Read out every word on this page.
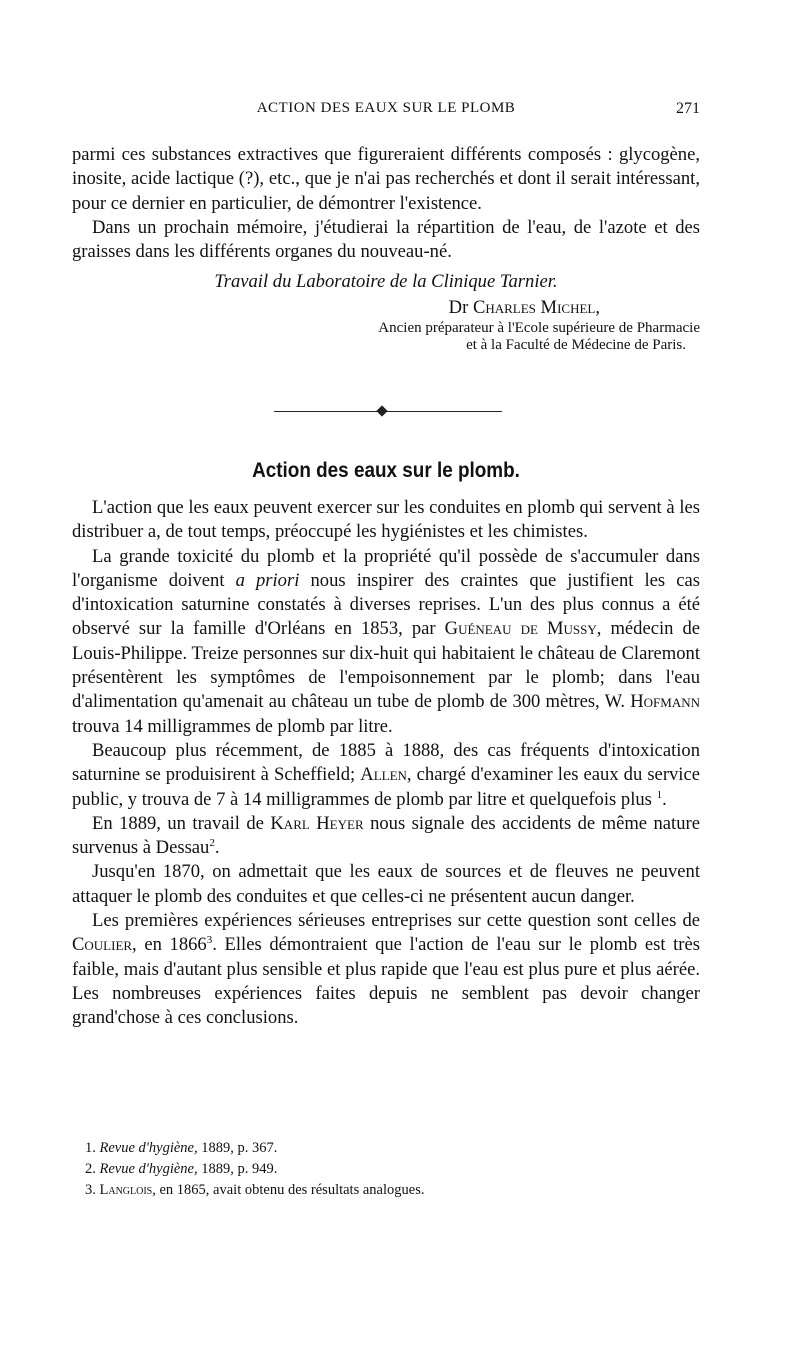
ACTION DES EAUX SUR LE PLOMB	271

parmi ces substances extractives que figureraient différents composés : glycogène, inosite, acide lactique (?), etc., que je n'ai pas recherchés et dont il serait intéressant, pour ce dernier en particulier, de démontrer l'existence.

Dans un prochain mémoire, j'étudierai la répartition de l'eau, de l'azote et des graisses dans les différents organes du nouveau-né.

Travail du Laboratoire de la Clinique Tarnier.

Dr Charles Michel,

Ancien préparateur à l'Ecole supérieure de Pharmacie

et à la Faculté de Médecine de Paris.

Action des eaux sur le plomb.

L'action que les eaux peuvent exercer sur les conduites en plomb qui servent à les distribuer a, de tout temps, préoccupé les hygiénistes et les chimistes.

La grande toxicité du plomb et la propriété qu'il possède de s'accumuler dans l'organisme doivent a priori nous inspirer des craintes que justifient les cas d'intoxication saturnine constatés à diverses reprises. L'un des plus connus a été observé sur la famille d'Orléans en 1853, par Guéneau de Mussy, médecin de Louis-Philippe. Treize personnes sur dix-huit qui habitaient le château de Claremont présentèrent les symptômes de l'empoisonnement par le plomb; dans l'eau d'alimentation qu'amenait au château un tube de plomb de 300 mètres, W. Hofmann trouva 14 milligrammes de plomb par litre.

Beaucoup plus récemment, de 1885 à 1888, des cas fréquents d'intoxication saturnine se produisirent à Scheffield; Allen, chargé d'examiner les eaux du service public, y trouva de 7 à 14 milligrammes de plomb par litre et quelquefois plus $^1$.

En 1889, un travail de Karl Heyer nous signale des accidents de même nature survenus à Dessau$^2$.

Jusqu'en 1870, on admettait que les eaux de sources et de fleuves ne peuvent attaquer le plomb des conduites et que celles-ci ne présentent aucun danger.

Les premières expériences sérieuses entreprises sur cette question sont celles de Coulier, en 1866$^3$. Elles démontraient que l'action de l'eau sur le plomb est très faible, mais d'autant plus sensible et plus rapide que l'eau est plus pure et plus aérée. Les nombreuses expériences faites depuis ne semblent pas devoir changer grand'chose à ces conclusions.

1. Revue d'hygiène, 1889, p. 367.
2. Revue d'hygiène, 1889, p. 949.
3. Langlois, en 1865, avait obtenu des résultats analogues.
